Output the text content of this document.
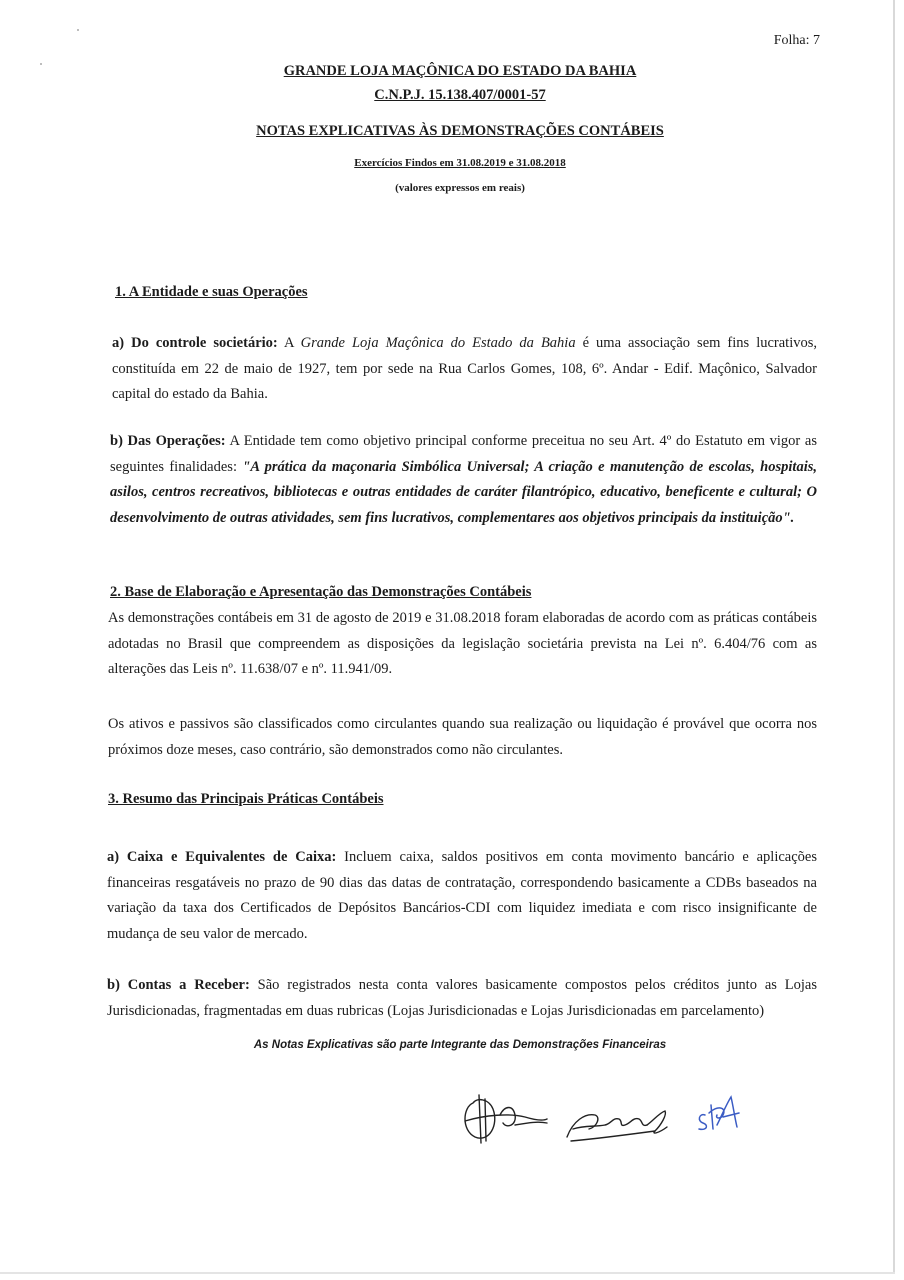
Folha: 7
GRANDE LOJA MAÇÔNICA DO ESTADO DA BAHIA
C.N.P.J. 15.138.407/0001-57
NOTAS EXPLICATIVAS ÀS DEMONSTRAÇÕES CONTÁBEIS
Exercícios Findos em 31.08.2019 e 31.08.2018
(valores expressos em reais)
1. A Entidade e suas Operações
a) Do controle societário: A Grande Loja Maçônica do Estado da Bahia é uma associação sem fins lucrativos, constituída em 22 de maio de 1927, tem por sede na Rua Carlos Gomes, 108, 6º. Andar - Edif. Maçônico, Salvador capital do estado da Bahia.
b) Das Operações: A Entidade tem como objetivo principal conforme preceitua no seu Art. 4º do Estatuto em vigor as seguintes finalidades: "A prática da maçonaria Simbólica Universal; A criação e manutenção de escolas, hospitais, asilos, centros recreativos, bibliotecas e outras entidades de caráter filantrópico, educativo, beneficente e cultural; O desenvolvimento de outras atividades, sem fins lucrativos, complementares aos objetivos principais da instituição".
2. Base de Elaboração e Apresentação das Demonstrações Contábeis
As demonstrações contábeis em 31 de agosto de 2019 e 31.08.2018 foram elaboradas de acordo com as práticas contábeis adotadas no Brasil que compreendem as disposições da legislação societária prevista na Lei nº. 6.404/76 com as alterações das Leis nº. 11.638/07 e nº. 11.941/09.
Os ativos e passivos são classificados como circulantes quando sua realização ou liquidação é provável que ocorra nos próximos doze meses, caso contrário, são demonstrados como não circulantes.
3. Resumo das Principais Práticas Contábeis
a) Caixa e Equivalentes de Caixa: Incluem caixa, saldos positivos em conta movimento bancário e aplicações financeiras resgatáveis no prazo de 90 dias das datas de contratação, correspondendo basicamente a CDBs baseados na variação da taxa dos Certificados de Depósitos Bancários-CDI com liquidez imediata e com risco insignificante de mudança de seu valor de mercado.
b) Contas a Receber: São registrados nesta conta valores basicamente compostos pelos créditos junto as Lojas Jurisdicionadas, fragmentadas em duas rubricas (Lojas Jurisdicionadas e Lojas Jurisdicionadas em parcelamento)
As Notas Explicativas são parte Integrante das Demonstrações Financeiras
